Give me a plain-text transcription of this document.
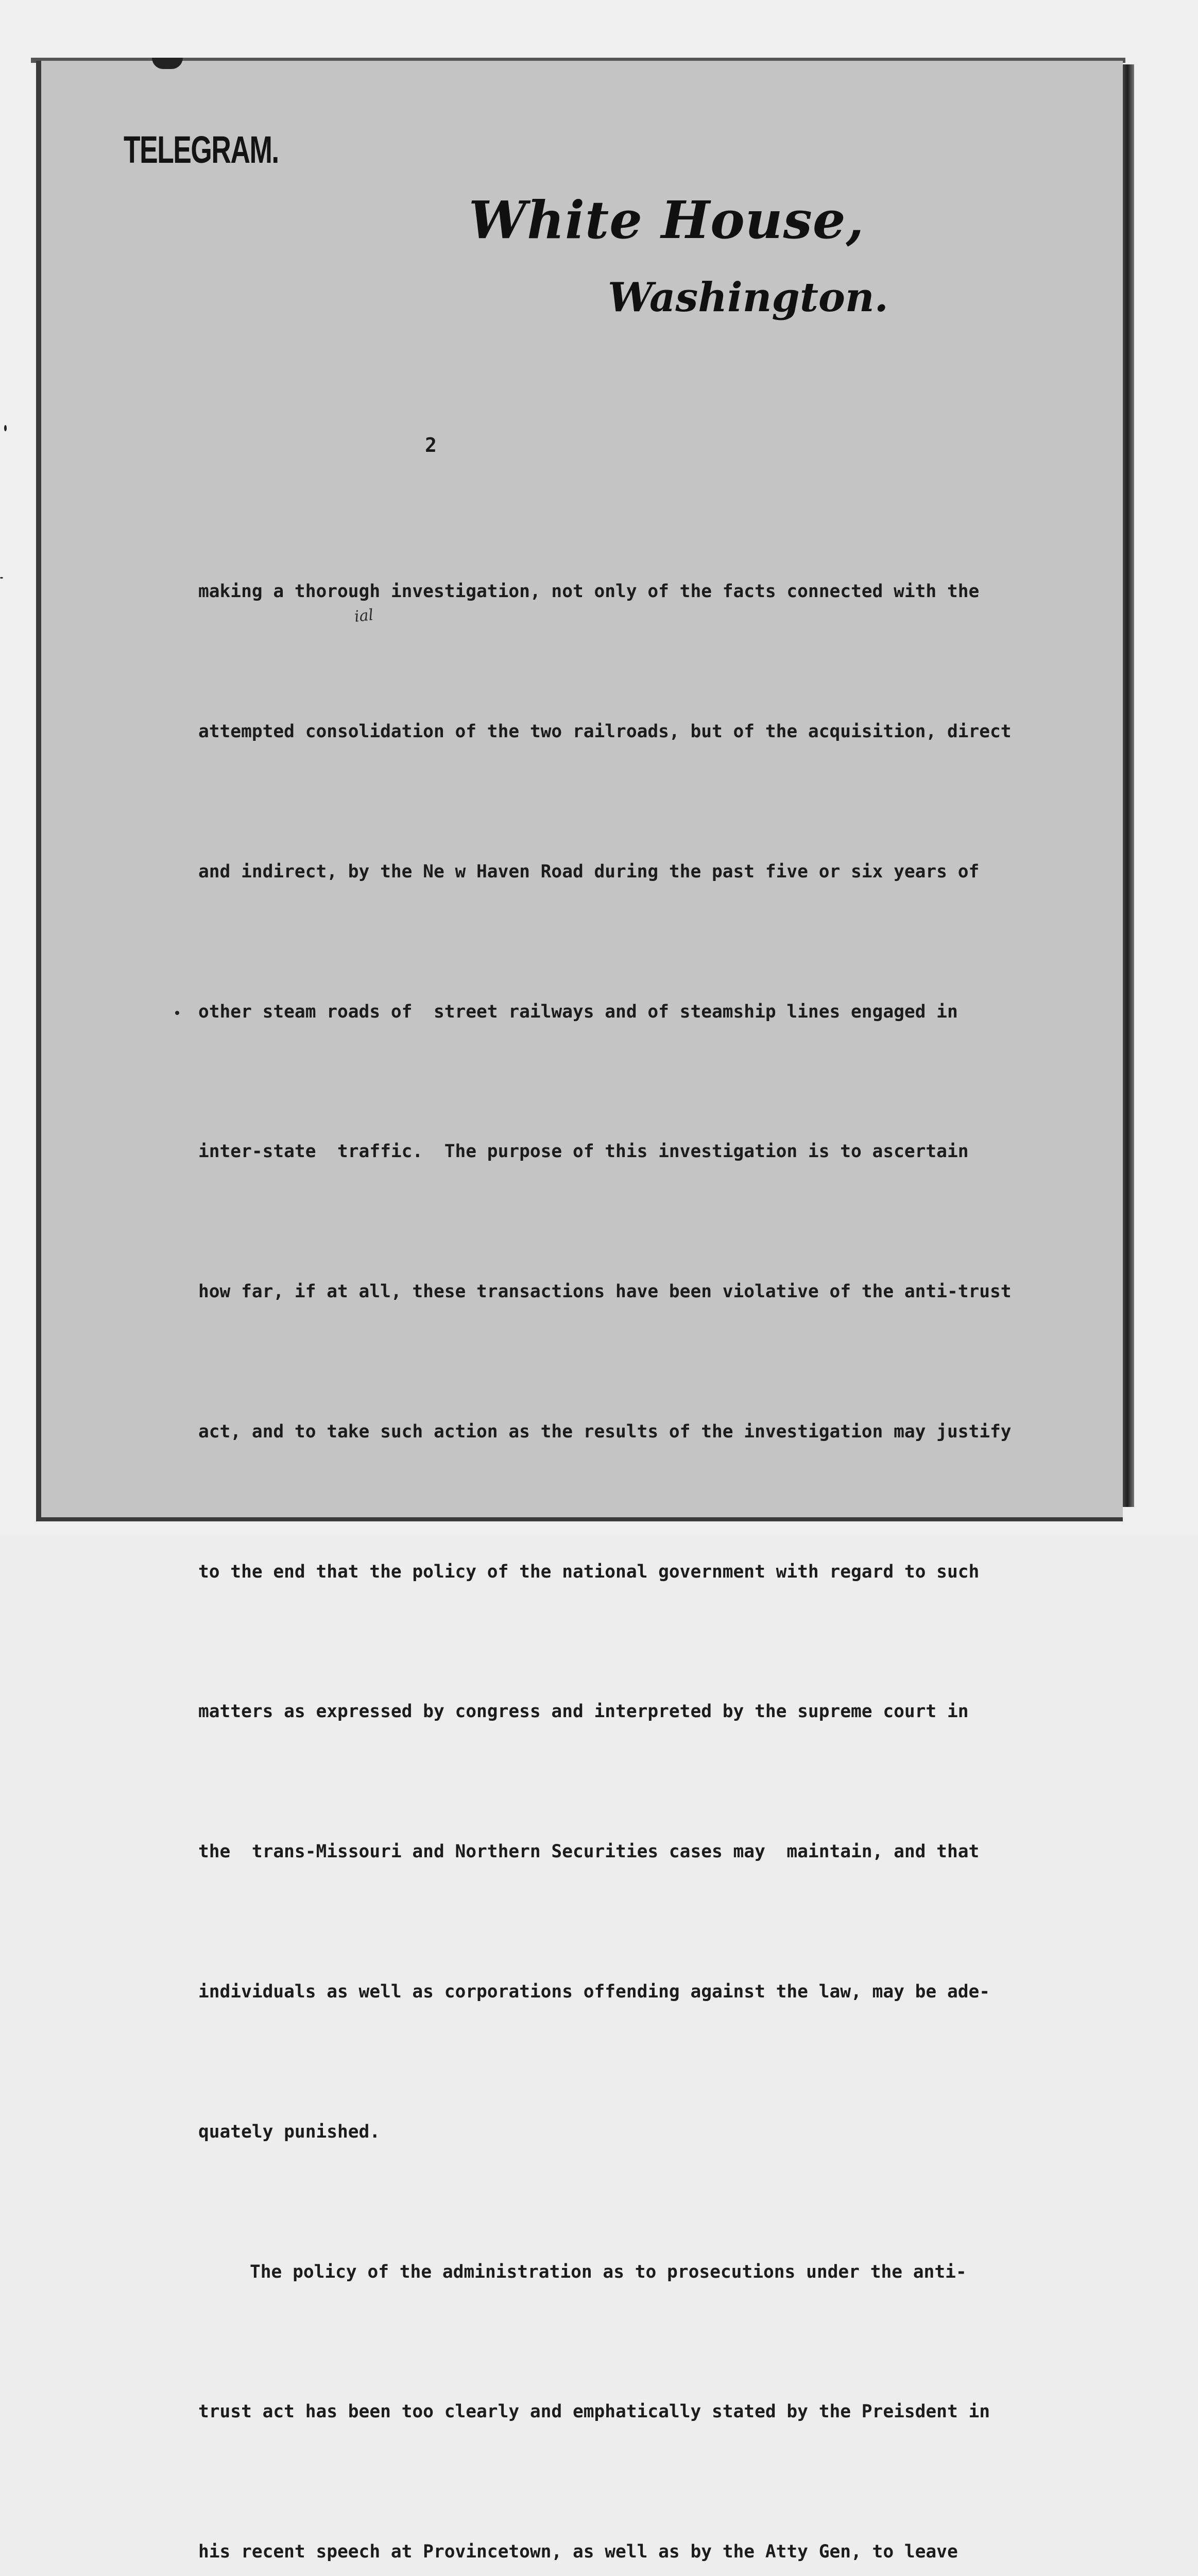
TELEGRAM.
White House,
Washington.
2
ial

making a thorough investigation, not only of the facts connected with the

attempted consolidation of the two railroads, but of the acquisition, direct

and indirect, by the Ne w Haven Road during the past five or six years of

other steam roads of  street railways and of steamship lines engaged in

inter-state  traffic.  The purpose of this investigation is to ascertain

how far, if at all, these transactions have been violative of the anti-trust

act, and to take such action as the results of the investigation may justify

to the end that the policy of the national government with regard to such

matters as expressed by congress and interpreted by the supreme court in

the  trans-Missouri and Northern Securities cases may  maintain, and that

individuals as well as corporations offending against the law, may be ade-

quately punished.

The policy of the administration as to prosecutions under the anti-

trust act has been too clearly and emphatically stated by the Preisdent in

his recent speech at Provincetown, as well as by the Atty Gen, to leave
